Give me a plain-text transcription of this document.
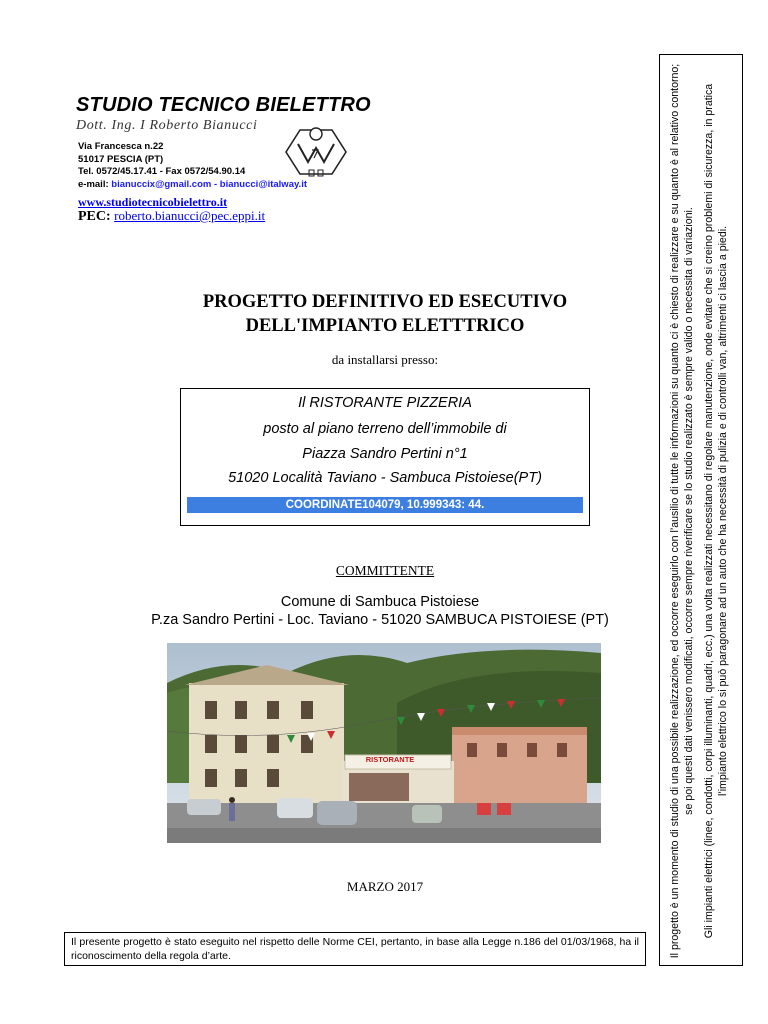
STUDIO TECNICO BIELETTRO
Dott. Ing. I Roberto Bianucci
Via Francesca n.22
51017 PESCIA (PT)
Tel. 0572/45.17.41 - Fax 0572/54.90.14
e-mail: bianuccix@gmail.com - bianucci@italway.it
www.studiotecnicobielettro.it
PEC: roberto.bianucci@pec.eppi.it
PROGETTO DEFINITIVO ED ESECUTIVO
DELL'IMPIANTO ELETTTRICO
da installarsi presso:
Il RISTORANTE PIZZERIA
posto al piano terreno dell’immobile di
Piazza Sandro Pertini n°1
51020 Località Taviano - Sambuca Pistoiese(PT)
COORDINATE104079, 10.999343: 44.
COMMITTENTE
Comune di Sambuca Pistoiese
P.za Sandro Pertini - Loc. Taviano - 51020 SAMBUCA PISTOIESE (PT)
RISTORANTE
MARZO 2017
Il presente progetto è stato eseguito nel rispetto delle Norme CEI, pertanto, in base alla Legge n.186 del 01/03/1968, ha il riconoscimento della regola d’arte.	Il progetto è un momento di studio di una possibile realizzazione, ed occorre eseguirlo con l’ausilio di tutte le informazioni su quanto ci è chiesto di realizzare e su quanto è al relativo contorno; se poi questi dati venissero modificati, occorre sempre riverificare se lo studio realizzato è sempre valido o necessita di variazioni. Gli impianti elettrici (linee, condotti, corpi illuminanti, quadri, ecc.) una volta realizzati necessitano di regolare manutenzione, onde evitare che si creino problemi di sicurezza, in pratica l’impianto elettrico lo si può paragonare ad un auto che ha necessità di pulizia e di controlli van, altrimenti ci lascia a piedi.
